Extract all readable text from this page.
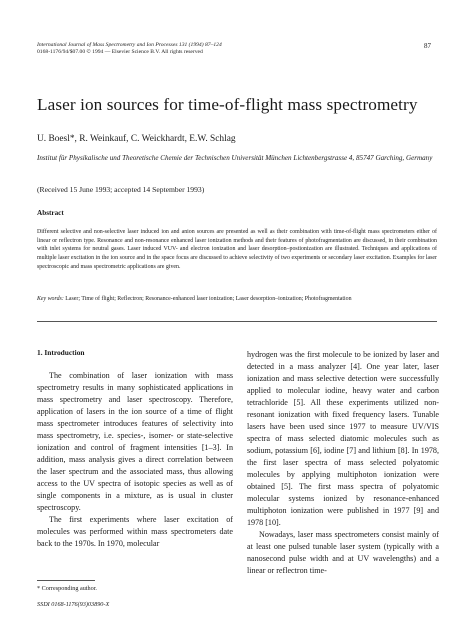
International Journal of Mass Spectrometry and Ion Processes 131 (1994) 87–124
0168-1176/94/$07.00 © 1994 — Elsevier Science B.V. All rights reserved
87
Laser ion sources for time-of-flight mass spectrometry
U. Boesl*, R. Weinkauf, C. Weickhardt, E.W. Schlag
Institut für Physikalische und Theoretische Chemie der Technischen Universität München Lichtenbergstrasse 4, 85747 Garching, Germany
(Received 15 June 1993; accepted 14 September 1993)
Abstract
Different selective and non-selective laser induced ion and anion sources are presented as well as their combination with time-of-flight mass spectrometers either of linear or reflectron type. Resonance and non-resonance enhanced laser ionization methods and their features of photofragmentation are discussed, in their combination with inlet systems for neutral gases. Laser induced VUV- and electron ionization and laser desorption–postionization are illustrated. Techniques and applications of multiple laser excitation in the ion source and in the space focus are discussed to achieve selectivity of two experiments or secondary laser excitation. Examples for laser spectroscopic and mass spectrometric applications are given.
Key words: Laser; Time of flight; Reflectron; Resonance-enhanced laser ionization; Laser desorption–ionization; Photofragmentation
1. Introduction

The combination of laser ionization with mass spectrometry results in many sophisticated applications in mass spectrometry and laser spectroscopy. Therefore, application of lasers in the ion source of a time of flight mass spectrometer introduces features of selectivity into mass spectrometry, i.e. species-, isomer- or state-selective ionization and control of fragment intensities [1–3]. In addition, mass analysis gives a direct correlation between the laser spectrum and the associated mass, thus allowing access to the UV spectra of isotopic species as well as of single components in a mixture, as is usual in cluster spectroscopy.

The first experiments where laser excitation of molecules was performed within mass spectrometers date back to the 1970s. In 1970, molecular

hydrogen was the first molecule to be ionized by laser and detected in a mass analyzer [4]. One year later, laser ionization and mass selective detection were successfully applied to molecular iodine, heavy water and carbon tetrachloride [5]. All these experiments utilized non-resonant ionization with fixed frequency lasers. Tunable lasers have been used since 1977 to measure UV/VIS spectra of mass selected diatomic molecules such as sodium, potassium [6], iodine [7] and lithium [8]. In 1978, the first laser spectra of mass selected polyatomic molecules by applying multiphoton ionization were obtained [5]. The first mass spectra of polyatomic molecular systems ionized by resonance-enhanced multiphoton ionization were published in 1977 [9] and 1978 [10].

Nowadays, laser mass spectrometers consist mainly of at least one pulsed tunable laser system (typically with a nanosecond pulse width and at UV wavelengths) and a linear or reflectron time-

* Corresponding author.
SSDI 0168-1176(93)03890-X
